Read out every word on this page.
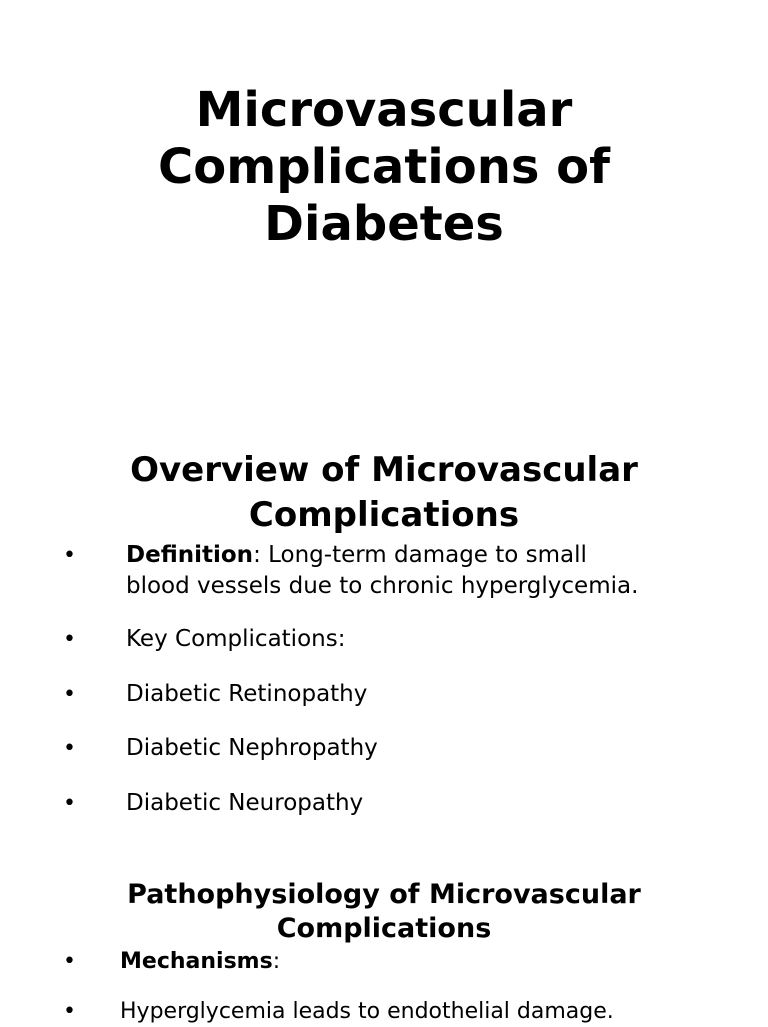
Microvascular
Complications of
Diabetes
Overview of Microvascular
Complications
• Definition: Long-term damage to small
blood vessels due to chronic hyperglycemia.
• Key Complications:
• Diabetic Retinopathy
• Diabetic Nephropathy
• Diabetic Neuropathy
Pathophysiology of Microvascular
Complications
• Mechanisms:
• Hyperglycemia leads to endothelial damage.
